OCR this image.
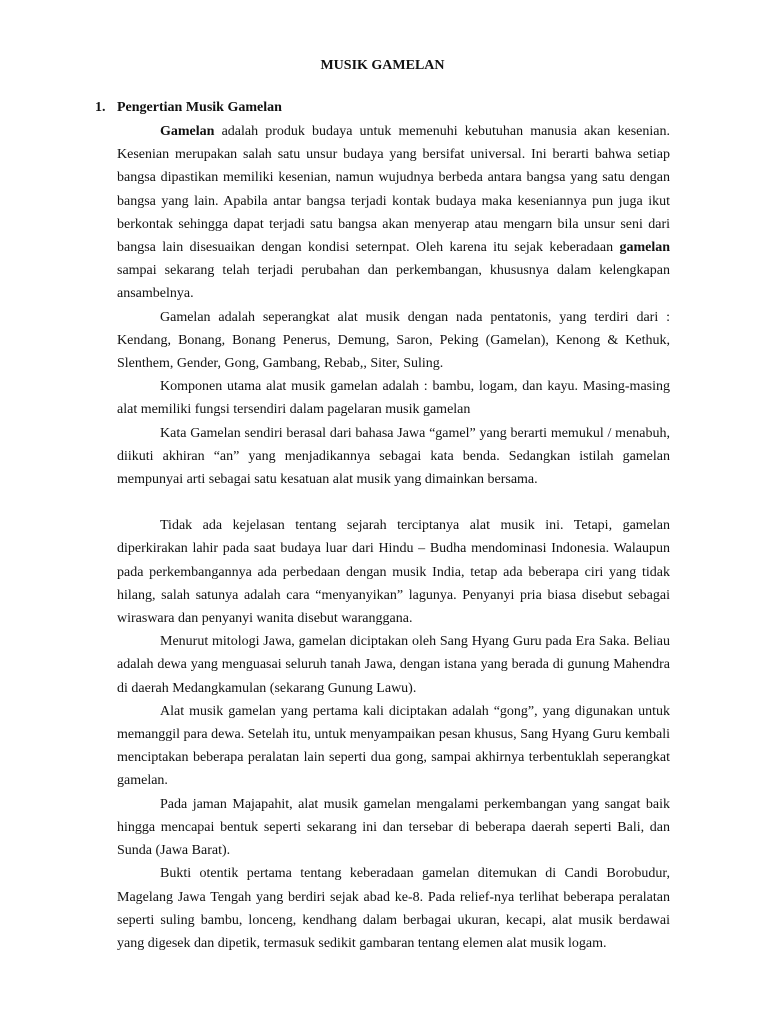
MUSIK GAMELAN
1. Pengertian Musik Gamelan

Gamelan adalah produk budaya untuk memenuhi kebutuhan manusia akan kesenian. Kesenian merupakan salah satu unsur budaya yang bersifat universal. Ini berarti bahwa setiap bangsa dipastikan memiliki kesenian, namun wujudnya berbeda antara bangsa yang satu dengan bangsa yang lain. Apabila antar bangsa terjadi kontak budaya maka keseniannya pun juga ikut berkontak sehingga dapat terjadi satu bangsa akan menyerap atau mengarn bila unsur seni dari bangsa lain disesuaikan dengan kondisi seternpat. Oleh karena itu sejak keberadaan gamelan sampai sekarang telah terjadi perubahan dan perkembangan, khususnya dalam kelengkapan ansambelnya.

Gamelan adalah seperangkat alat musik dengan nada pentatonis, yang terdiri dari : Kendang, Bonang, Bonang Penerus, Demung, Saron, Peking (Gamelan), Kenong & Kethuk, Slenthem, Gender, Gong, Gambang, Rebab,, Siter, Suling.

Komponen utama alat musik gamelan adalah : bambu, logam, dan kayu. Masing-masing alat memiliki fungsi tersendiri dalam pagelaran musik gamelan

Kata Gamelan sendiri berasal dari bahasa Jawa “gamel” yang berarti memukul / menabuh, diikuti akhiran “an” yang menjadikannya sebagai kata benda. Sedangkan istilah gamelan mempunyai arti sebagai satu kesatuan alat musik yang dimainkan bersama.

Tidak ada kejelasan tentang sejarah terciptanya alat musik ini. Tetapi, gamelan diperkirakan lahir pada saat budaya luar dari Hindu – Budha mendominasi Indonesia. Walaupun pada perkembangannya ada perbedaan dengan musik India, tetap ada beberapa ciri yang tidak hilang, salah satunya adalah cara “menyanyikan” lagunya. Penyanyi pria biasa disebut sebagai wiraswara dan penyanyi wanita disebut waranggana.

Menurut mitologi Jawa, gamelan diciptakan oleh Sang Hyang Guru pada Era Saka. Beliau adalah dewa yang menguasai seluruh tanah Jawa, dengan istana yang berada di gunung Mahendra di daerah Medangkamulan (sekarang Gunung Lawu).

Alat musik gamelan yang pertama kali diciptakan adalah “gong”, yang digunakan untuk memanggil para dewa. Setelah itu, untuk menyampaikan pesan khusus, Sang Hyang Guru kembali menciptakan beberapa peralatan lain seperti dua gong, sampai akhirnya terbentuklah seperangkat gamelan.

Pada jaman Majapahit, alat musik gamelan mengalami perkembangan yang sangat baik hingga mencapai bentuk seperti sekarang ini dan tersebar di beberapa daerah seperti Bali, dan Sunda (Jawa Barat).

Bukti otentik pertama tentang keberadaan gamelan ditemukan di Candi Borobudur, Magelang Jawa Tengah yang berdiri sejak abad ke-8. Pada relief-nya terlihat beberapa peralatan seperti suling bambu, lonceng, kendhang dalam berbagai ukuran, kecapi, alat musik berdawai yang digesek dan dipetik, termasuk sedikit gambaran tentang elemen alat musik logam.
